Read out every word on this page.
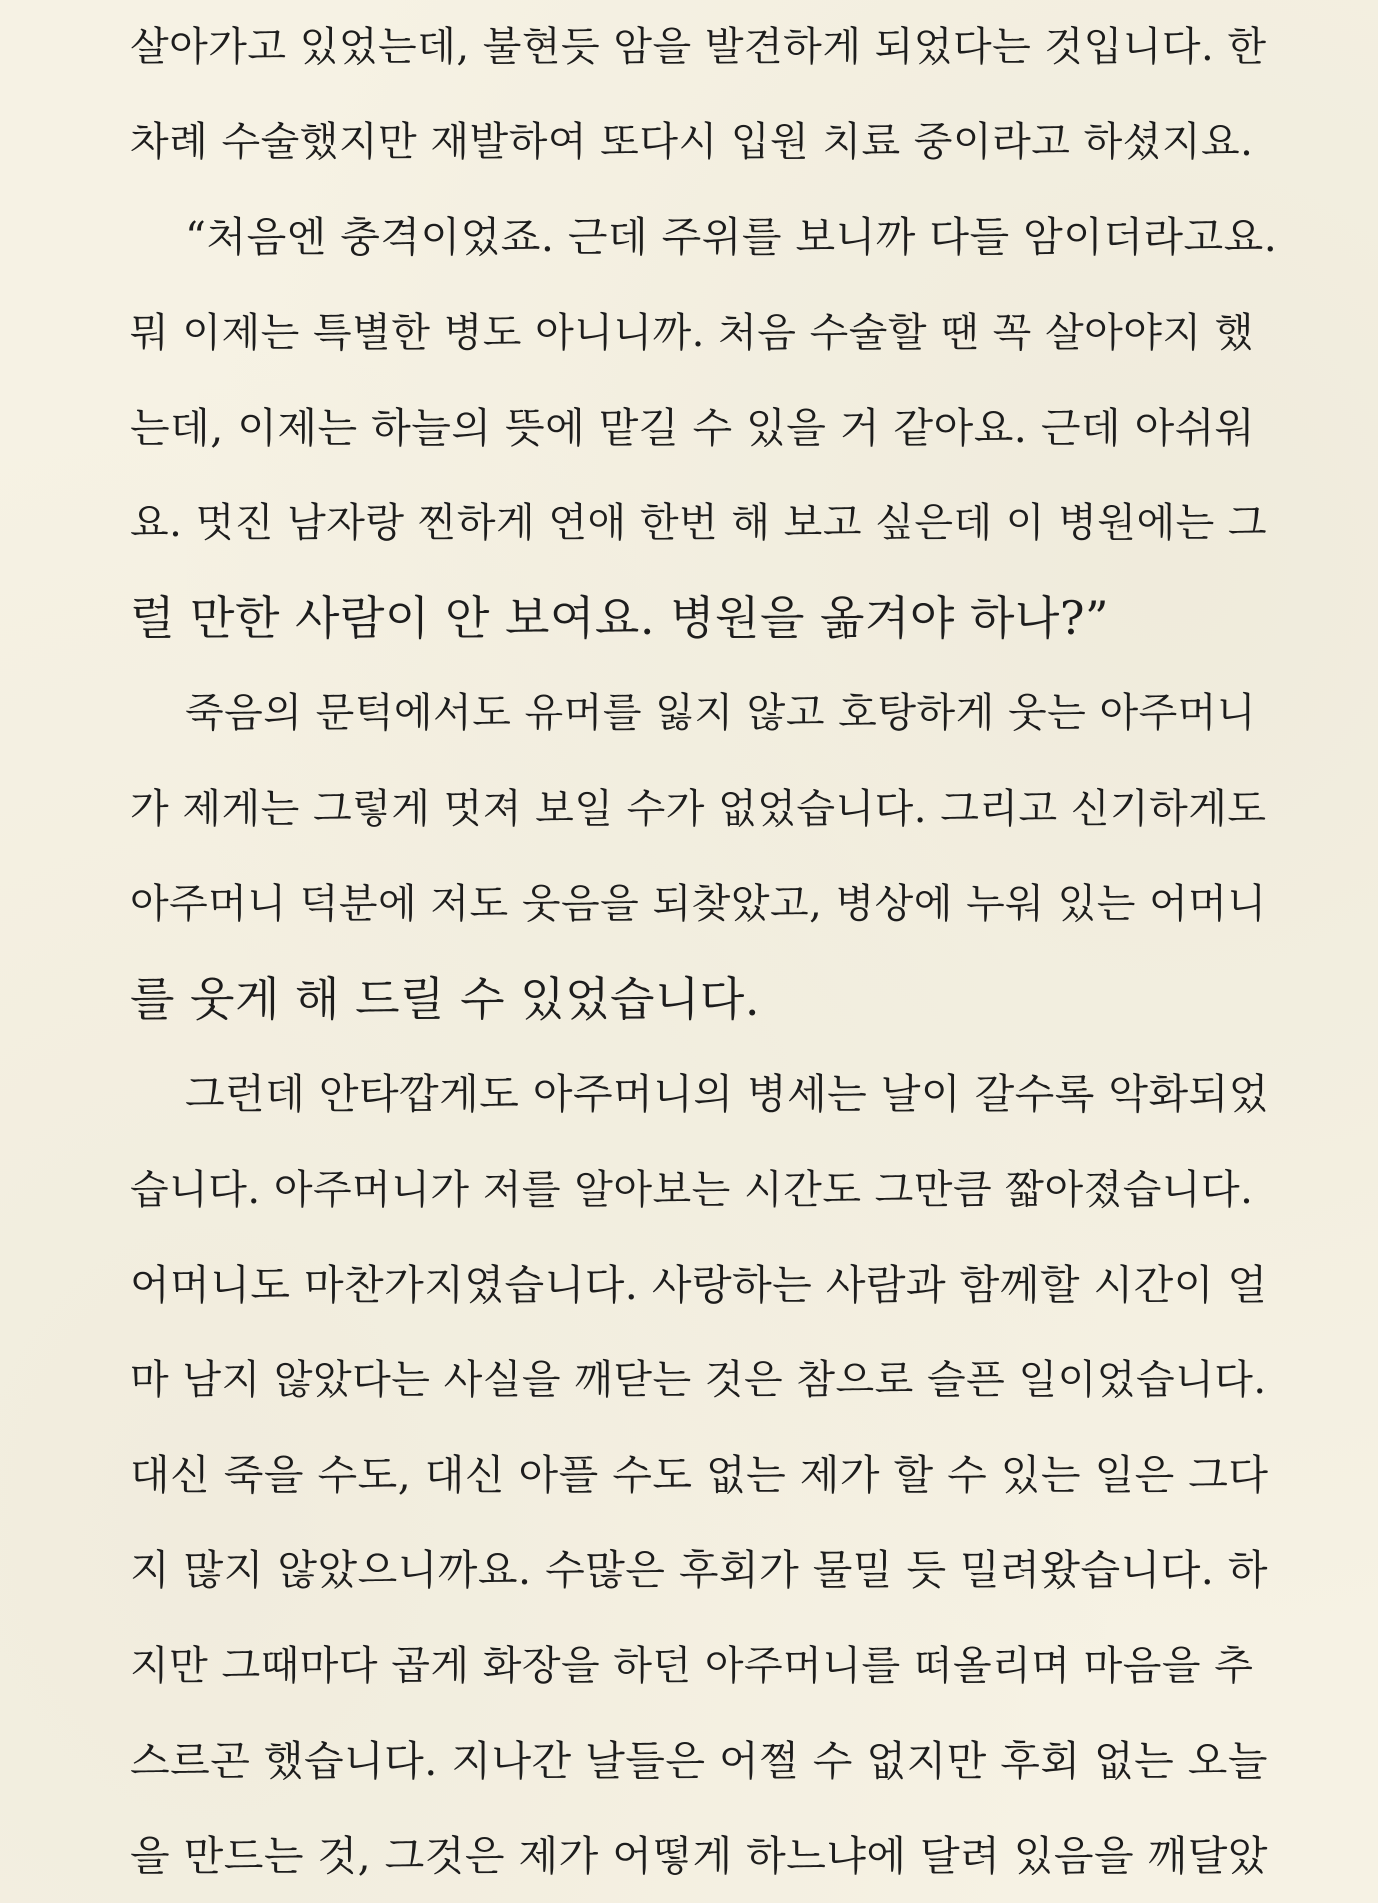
살아가고 있었는데, 불현듯 암을 발견하게 되었다는 것입니다. 한
차례 수술했지만 재발하여 또다시 입원 치료 중이라고 하셨지요.
“처음엔 충격이었죠. 근데 주위를 보니까 다들 암이더라고요.
뭐 이제는 특별한 병도 아니니까. 처음 수술할 땐 꼭 살아야지 했
는데, 이제는 하늘의 뜻에 맡길 수 있을 거 같아요. 근데 아쉬워
요. 멋진 남자랑 찐하게 연애 한번 해 보고 싶은데 이 병원에는 그
럴 만한 사람이 안 보여요. 병원을 옮겨야 하나?”
죽음의 문턱에서도 유머를 잃지 않고 호탕하게 웃는 아주머니
가 제게는 그렇게 멋져 보일 수가 없었습니다. 그리고 신기하게도
아주머니 덕분에 저도 웃음을 되찾았고, 병상에 누워 있는 어머니
를 웃게 해 드릴 수 있었습니다.
그런데 안타깝게도 아주머니의 병세는 날이 갈수록 악화되었
습니다. 아주머니가 저를 알아보는 시간도 그만큼 짧아졌습니다.
어머니도 마찬가지였습니다. 사랑하는 사람과 함께할 시간이 얼
마 남지 않았다는 사실을 깨닫는 것은 참으로 슬픈 일이었습니다.
대신 죽을 수도, 대신 아플 수도 없는 제가 할 수 있는 일은 그다
지 많지 않았으니까요. 수많은 후회가 물밀 듯 밀려왔습니다. 하
지만 그때마다 곱게 화장을 하던 아주머니를 떠올리며 마음을 추
스르곤 했습니다. 지나간 날들은 어쩔 수 없지만 후회 없는 오늘
을 만드는 것, 그것은 제가 어떻게 하느냐에 달려 있음을 깨달았
